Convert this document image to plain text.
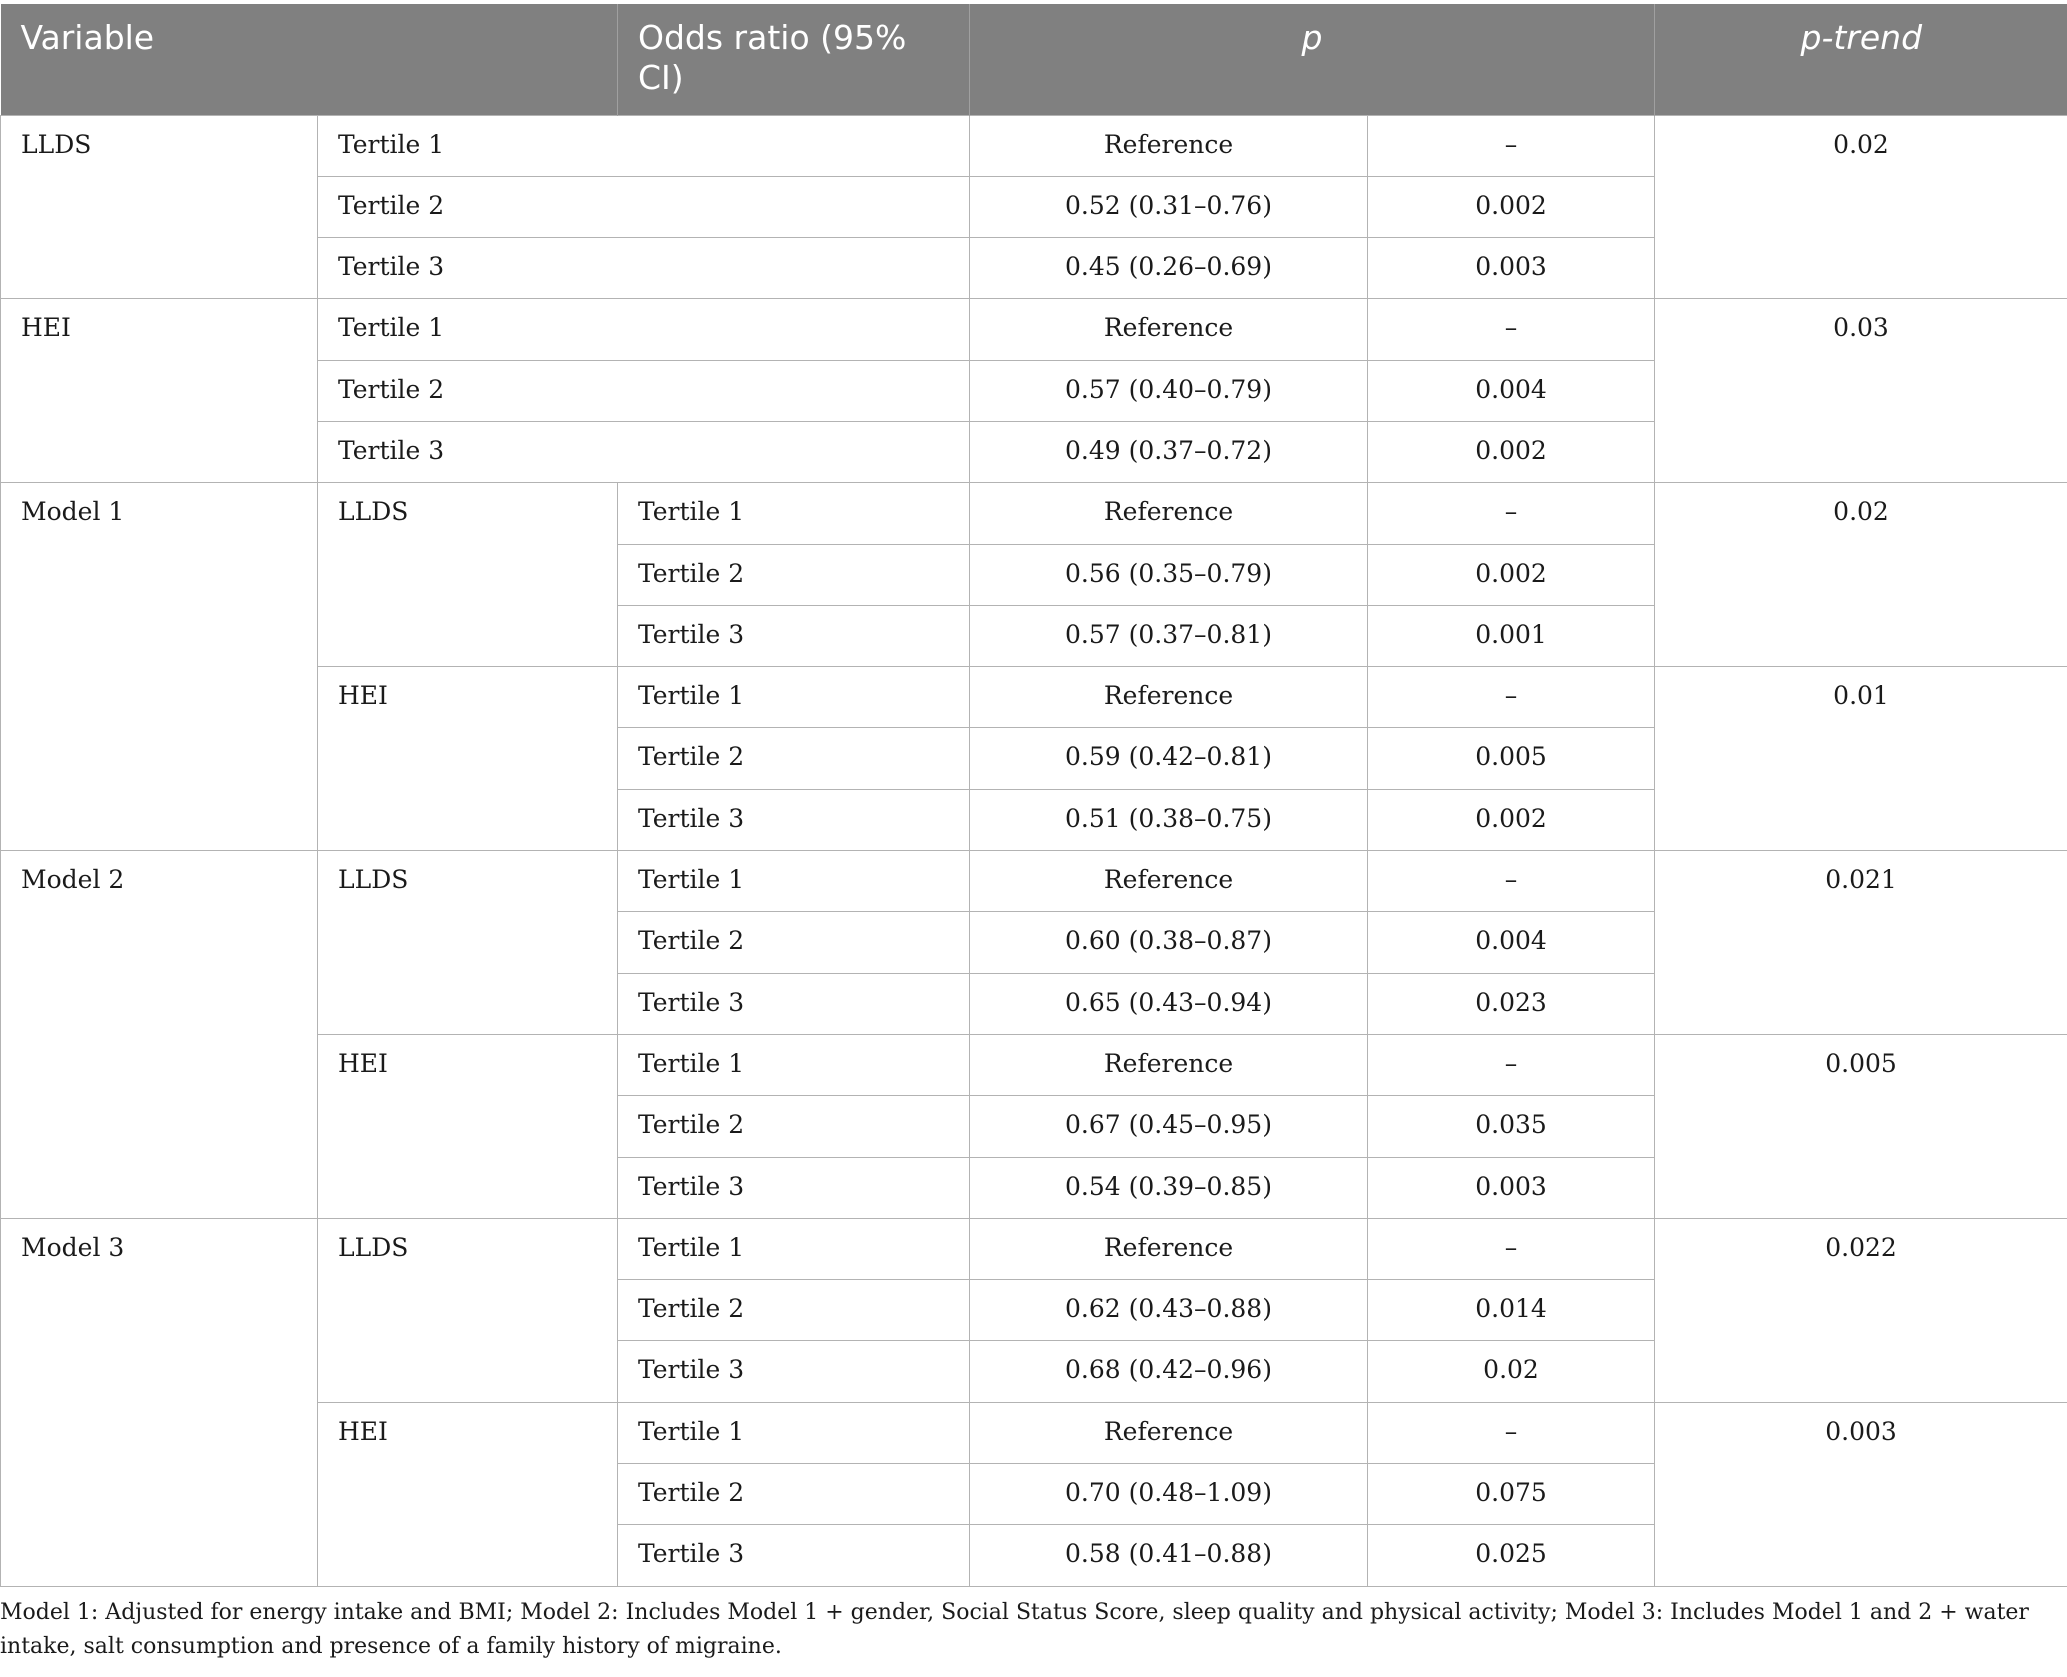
Variable		Odds ratio (95% CI)	p		p-trend
LLDS	Tertile 1		Reference	–	0.02
	Tertile 2		0.52 (0.31–0.76)	0.002	
	Tertile 3		0.45 (0.26–0.69)	0.003	
HEI	Tertile 1		Reference	–	0.03
	Tertile 2		0.57 (0.40–0.79)	0.004	
	Tertile 3		0.49 (0.37–0.72)	0.002	
Model 1	LLDS	Tertile 1	Reference	–	0.02
		Tertile 2	0.56 (0.35–0.79)	0.002	
		Tertile 3	0.57 (0.37–0.81)	0.001	
	HEI	Tertile 1	Reference	–	0.01
		Tertile 2	0.59 (0.42–0.81)	0.005	
		Tertile 3	0.51 (0.38–0.75)	0.002	
Model 2	LLDS	Tertile 1	Reference	–	0.021
		Tertile 2	0.60 (0.38–0.87)	0.004	
		Tertile 3	0.65 (0.43–0.94)	0.023	
	HEI	Tertile 1	Reference	–	0.005
		Tertile 2	0.67 (0.45–0.95)	0.035	
		Tertile 3	0.54 (0.39–0.85)	0.003	
Model 3	LLDS	Tertile 1	Reference	–	0.022
		Tertile 2	0.62 (0.43–0.88)	0.014	
		Tertile 3	0.68 (0.42–0.96)	0.02	
	HEI	Tertile 1	Reference	–	0.003
		Tertile 2	0.70 (0.48–1.09)	0.075	
		Tertile 3	0.58 (0.41–0.88)	0.025	
Model 1: Adjusted for energy intake and BMI; Model 2: Includes Model 1 + gender, Social Status Score, sleep quality and physical activity; Model 3: Includes Model 1 and 2 + water intake, salt consumption and presence of a family history of migraine.
